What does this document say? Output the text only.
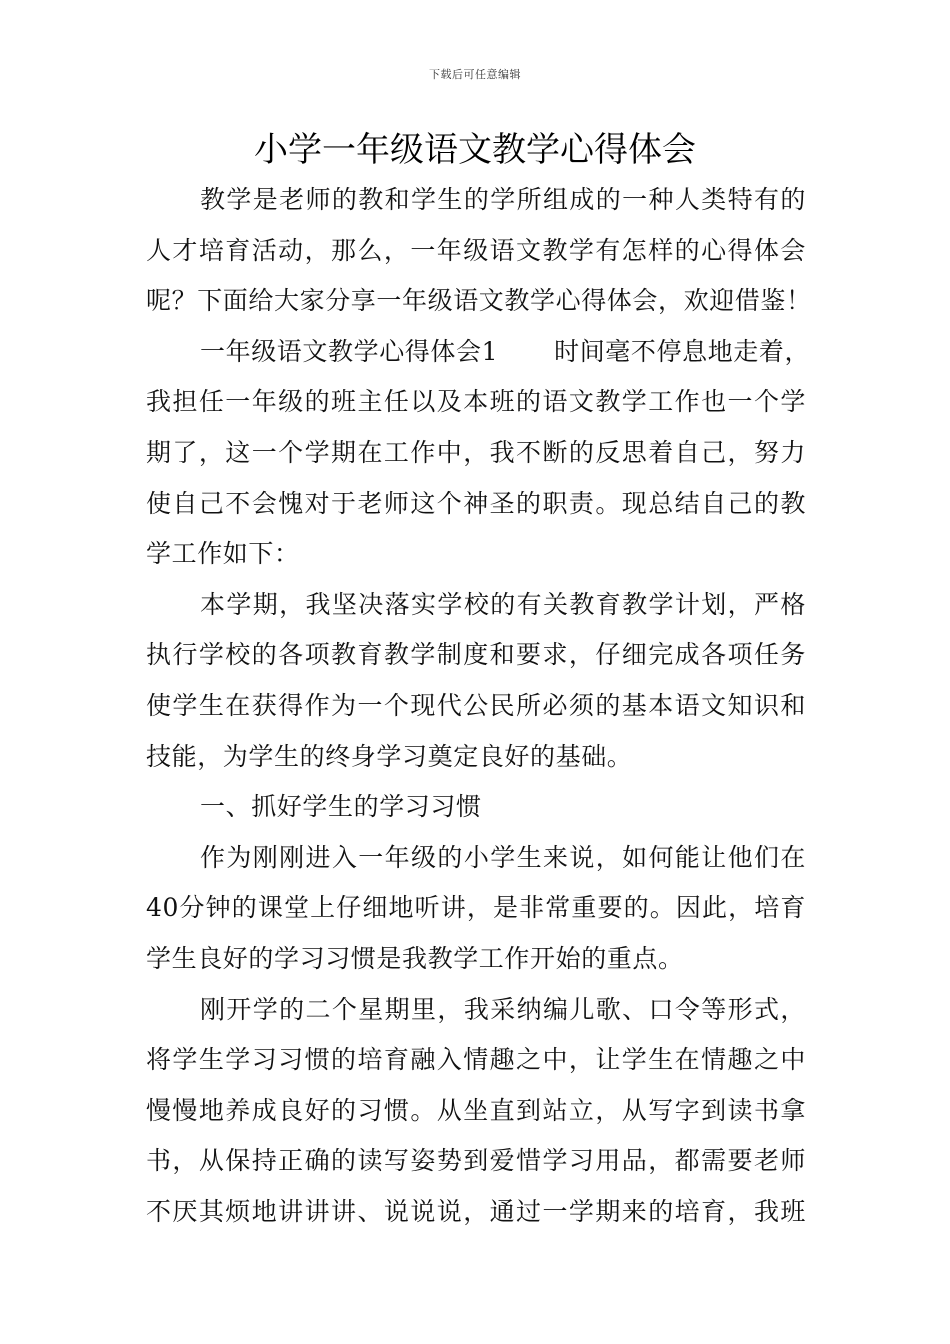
下载后可任意编辑
小学一年级语文教学心得体会
教学是老师的教和学生的学所组成的一种人类特有的
人才培育活动，那么，一年级语文教学有怎样的心得体会
呢？下面给大家分享一年级语文教学心得体会，欢迎借鉴！
一年级语文教学心得体会1 时间毫不停息地走着，
我担任一年级的班主任以及本班的语文教学工作也一个学
期了，这一个学期在工作中，我不断的反思着自己，努力
使自己不会愧对于老师这个神圣的职责。现总结自己的教
学工作如下：
本学期，我坚决落实学校的有关教育教学计划，严格
执行学校的各项教育教学制度和要求，仔细完成各项任务
使学生在获得作为一个现代公民所必须的基本语文知识和
技能，为学生的终身学习奠定良好的基础。
一、抓好学生的学习习惯
作为刚刚进入一年级的小学生来说，如何能让他们在
40分钟的课堂上仔细地听讲，是非常重要的。因此，培育
学生良好的学习习惯是我教学工作开始的重点。
刚开学的二个星期里，我采纳编儿歌、口令等形式，
将学生学习习惯的培育融入情趣之中，让学生在情趣之中
慢慢地养成良好的习惯。从坐直到站立，从写字到读书拿
书，从保持正确的读写姿势到爱惜学习用品，都需要老师
不厌其烦地讲讲讲、说说说，通过一学期来的培育，我班
